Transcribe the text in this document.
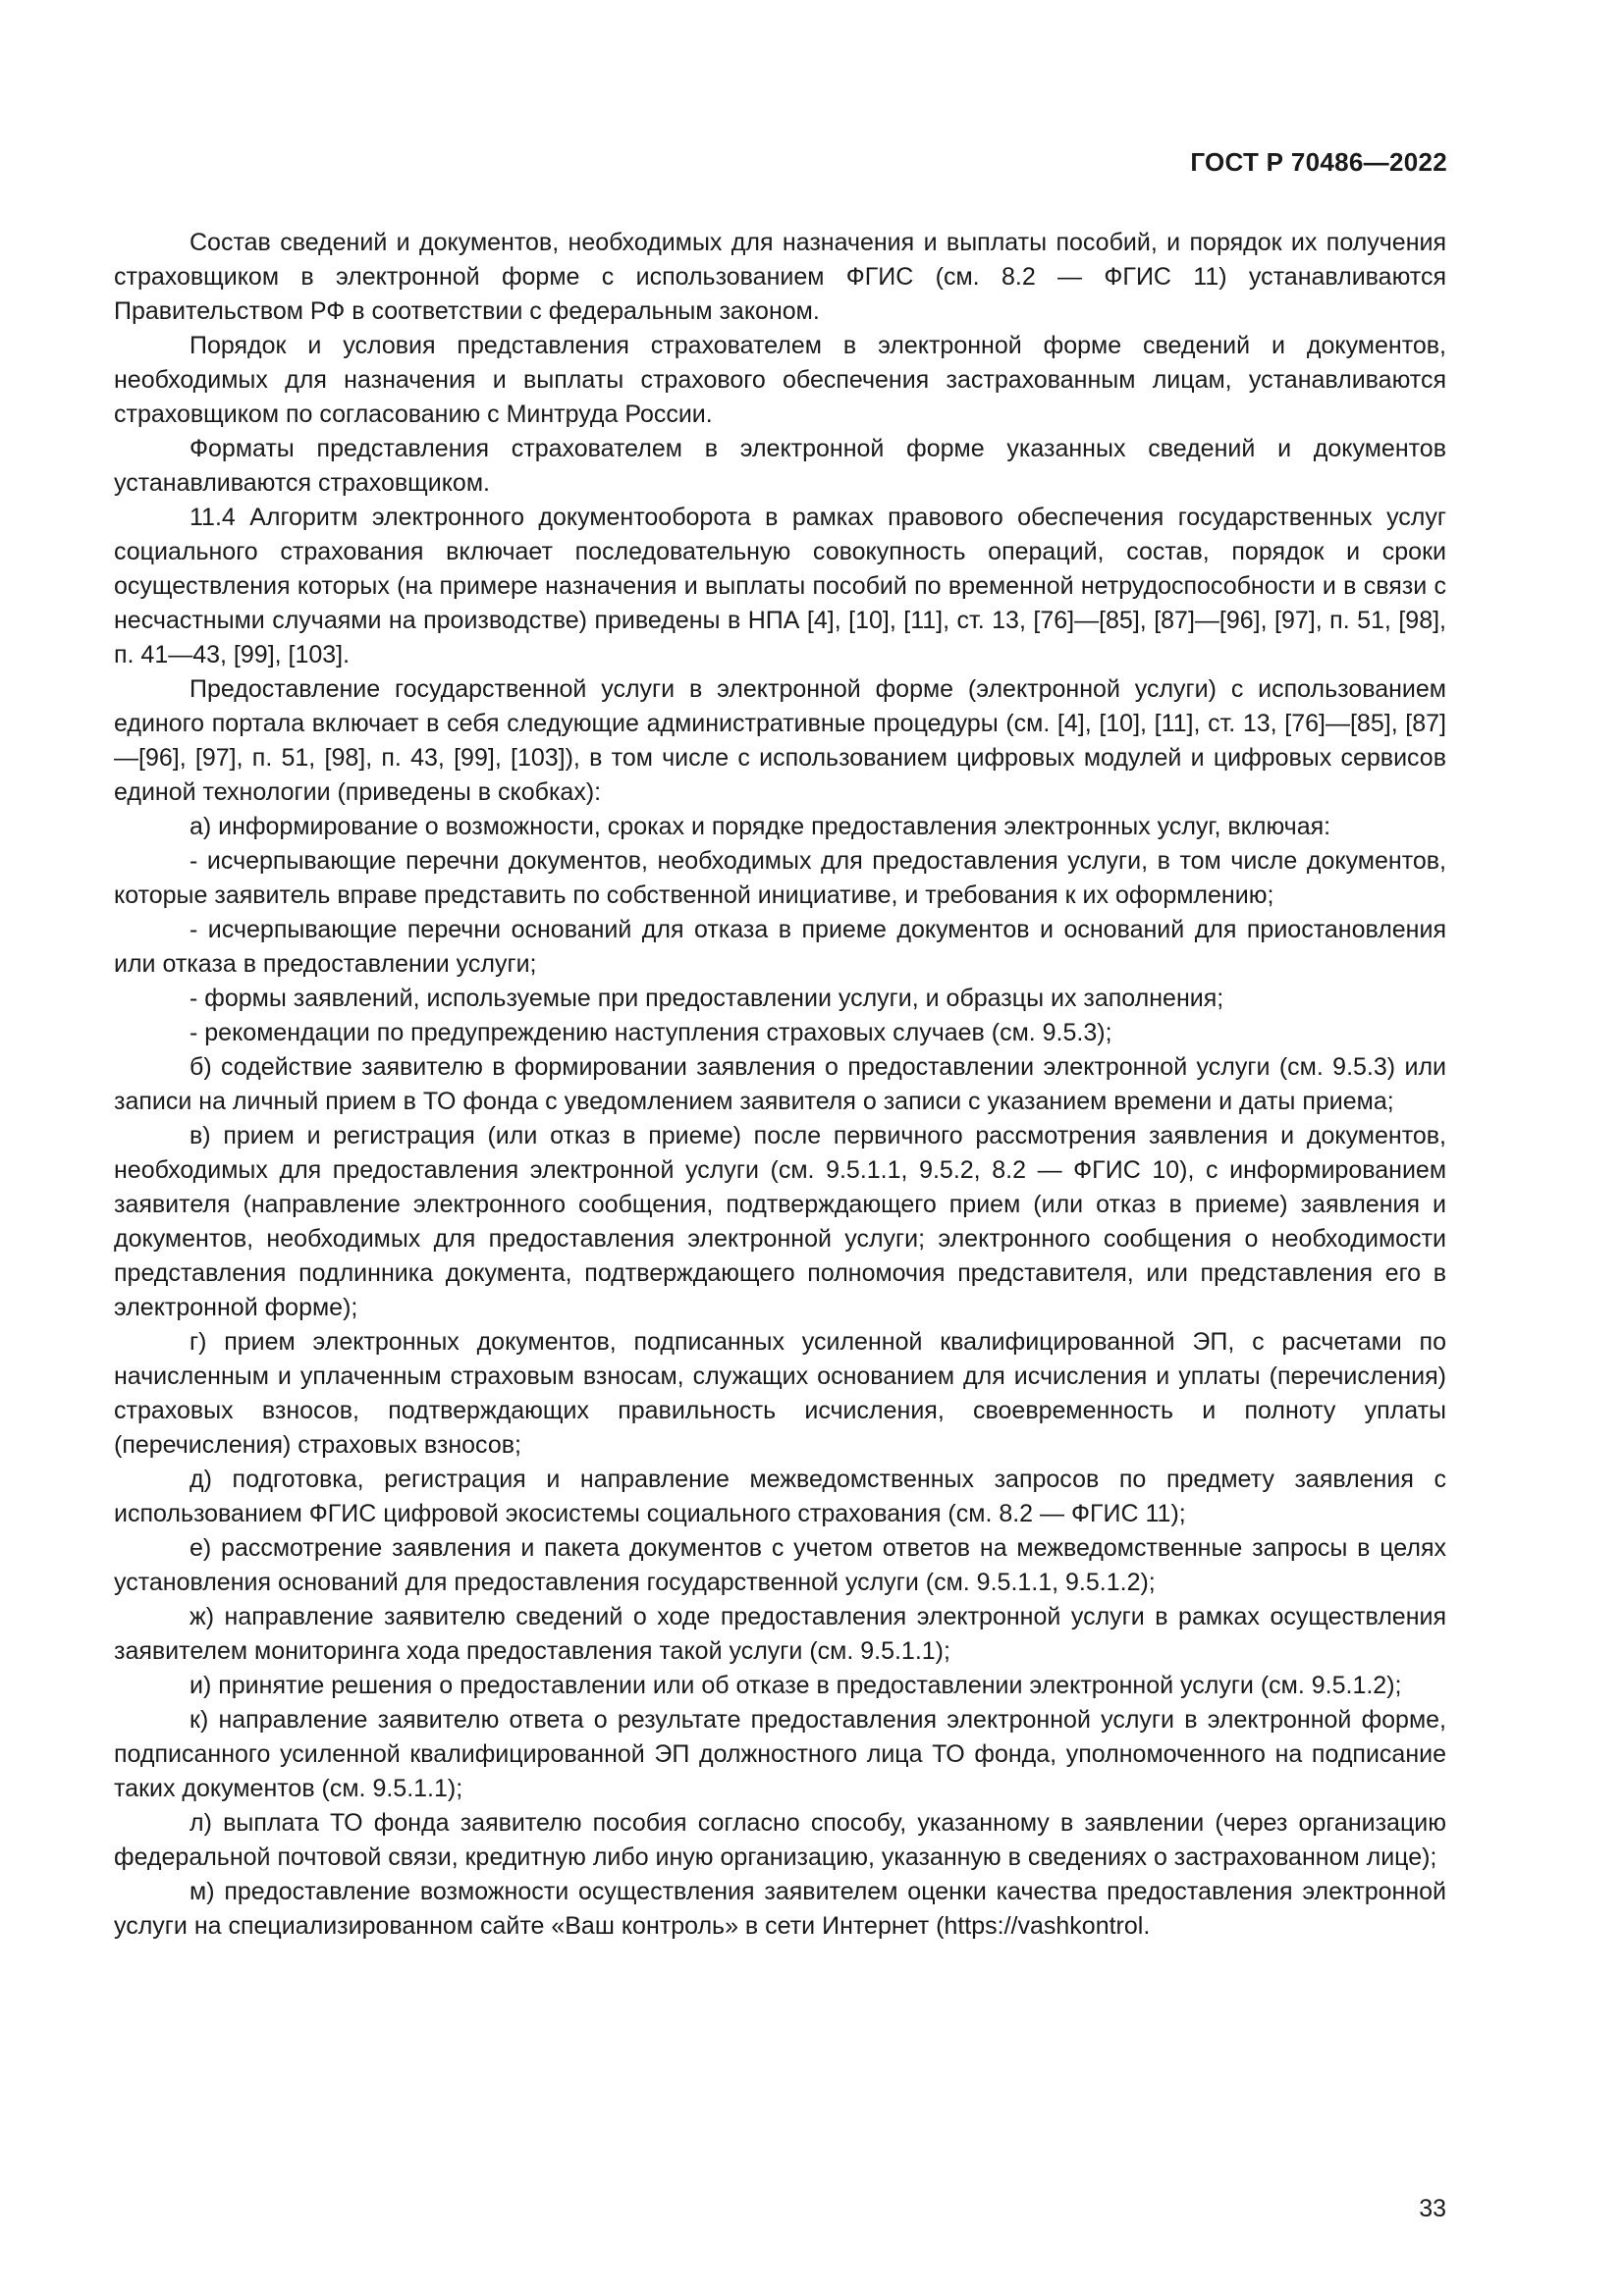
ГОСТ Р 70486—2022

Состав сведений и документов, необходимых для назначения и выплаты пособий, и порядок их получения страховщиком в электронной форме с использованием ФГИС (см. 8.2 — ФГИС 11) устанавливаются Правительством РФ в соответствии с федеральным законом.

Порядок и условия представления страхователем в электронной форме сведений и документов, необходимых для назначения и выплаты страхового обеспечения застрахованным лицам, устанавливаются страховщиком по согласованию с Минтруда России.

Форматы представления страхователем в электронной форме указанных сведений и документов устанавливаются страховщиком.

11.4 Алгоритм электронного документооборота в рамках правового обеспечения государственных услуг социального страхования включает последовательную совокупность операций, состав, порядок и сроки осуществления которых (на примере назначения и выплаты пособий по временной нетрудоспособности и в связи с несчастными случаями на производстве) приведены в НПА [4], [10], [11], ст. 13, [76]—[85], [87]—[96], [97], п. 51, [98], п. 41—43, [99], [103].

Предоставление государственной услуги в электронной форме (электронной услуги) с использованием единого портала включает в себя следующие административные процедуры (см. [4], [10], [11], ст. 13, [76]—[85], [87]—[96], [97], п. 51, [98], п. 43, [99], [103]), в том числе с использованием цифровых модулей и цифровых сервисов единой технологии (приведены в скобках):

а) информирование о возможности, сроках и порядке предоставления электронных услуг, включая:

- исчерпывающие перечни документов, необходимых для предоставления услуги, в том числе документов, которые заявитель вправе представить по собственной инициативе, и требования к их оформлению;

- исчерпывающие перечни оснований для отказа в приеме документов и оснований для приостановления или отказа в предоставлении услуги;

- формы заявлений, используемые при предоставлении услуги, и образцы их заполнения;

- рекомендации по предупреждению наступления страховых случаев (см. 9.5.3);

б) содействие заявителю в формировании заявления о предоставлении электронной услуги (см. 9.5.3) или записи на личный прием в ТО фонда с уведомлением заявителя о записи с указанием времени и даты приема;

в) прием и регистрация (или отказ в приеме) после первичного рассмотрения заявления и документов, необходимых для предоставления электронной услуги (см. 9.5.1.1, 9.5.2, 8.2 — ФГИС 10), с информированием заявителя (направление электронного сообщения, подтверждающего прием (или отказ в приеме) заявления и документов, необходимых для предоставления электронной услуги; электронного сообщения о необходимости представления подлинника документа, подтверждающего полномочия представителя, или представления его в электронной форме);

г) прием электронных документов, подписанных усиленной квалифицированной ЭП, с расчетами по начисленным и уплаченным страховым взносам, служащих основанием для исчисления и уплаты (перечисления) страховых взносов, подтверждающих правильность исчисления, своевременность и полноту уплаты (перечисления) страховых взносов;

д) подготовка, регистрация и направление межведомственных запросов по предмету заявления с использованием ФГИС цифровой экосистемы социального страхования (см. 8.2 — ФГИС 11);

е) рассмотрение заявления и пакета документов с учетом ответов на межведомственные запросы в целях установления оснований для предоставления государственной услуги (см. 9.5.1.1, 9.5.1.2);

ж) направление заявителю сведений о ходе предоставления электронной услуги в рамках осуществления заявителем мониторинга хода предоставления такой услуги (см. 9.5.1.1);

и) принятие решения о предоставлении или об отказе в предоставлении электронной услуги (см. 9.5.1.2);

к) направление заявителю ответа о результате предоставления электронной услуги в электронной форме, подписанного усиленной квалифицированной ЭП должностного лица ТО фонда, уполномоченного на подписание таких документов (см. 9.5.1.1);

л) выплата ТО фонда заявителю пособия согласно способу, указанному в заявлении (через организацию федеральной почтовой связи, кредитную либо иную организацию, указанную в сведениях о застрахованном лице);

м) предоставление возможности осуществления заявителем оценки качества предоставления электронной услуги на специализированном сайте «Ваш контроль» в сети Интернет (https://vashkontrol.

33
